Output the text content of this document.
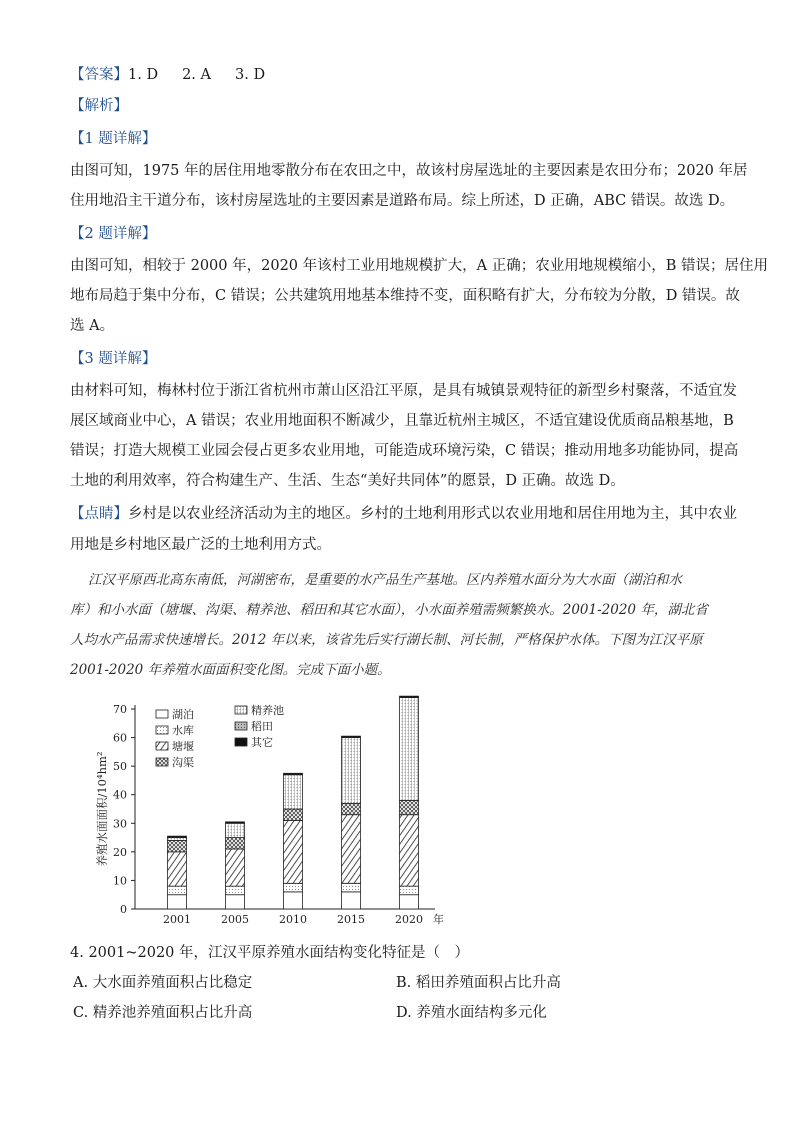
【答案】1. D 2. A 3. D
【解析】
【1 题详解】
由图可知，1975 年的居住用地零散分布在农田之中，故该村房屋选址的主要因素是农田分布；2020 年居
住用地沿主干道分布，该村房屋选址的主要因素是道路布局。综上所述，D 正确，ABC 错误。故选 D。
【2 题详解】
由图可知，相较于 2000 年，2020 年该村工业用地规模扩大，A 正确；农业用地规模缩小，B 错误；居住用
地布局趋于集中分布，C 错误；公共建筑用地基本维持不变，面积略有扩大，分布较为分散，D 错误。故
选 A。
【3 题详解】
由材料可知，梅林村位于浙江省杭州市萧山区沿江平原，是具有城镇景观特征的新型乡村聚落，不适宜发
展区域商业中心，A 错误；农业用地面积不断减少，且靠近杭州主城区，不适宜建设优质商品粮基地，B
错误；打造大规模工业园会侵占更多农业用地，可能造成环境污染，C 错误；推动用地多功能协同，提高
土地的利用效率，符合构建生产、生活、生态“美好共同体”的愿景，D 正确。故选 D。
【点睛】乡村是以农业经济活动为主的地区。乡村的土地利用形式以农业用地和居住用地为主，其中农业
用地是乡村地区最广泛的土地利用方式。
江汉平原西北高东南低，河湖密布，是重要的水产品生产基地。区内养殖水面分为大水面（湖泊和水
库）和小水面（塘堰、沟渠、精养池、稻田和其它水面），小水面养殖需频繁换水。2001-2020 年，湖北省
人均水产品需求快速增长。2012 年以来，该省先后实行湖长制、河长制，严格保护水体。下图为江汉平原
2001-2020 年养殖水面面积变化图。完成下面小题。
0
10
20
30
40
50
60
70
养殖水面面积/10⁴hm²
2001	2005	2010	2015	2020 年
湖泊
水库
塘堰
沟渠
精养池
稻田
其它
4. 2001~2020 年，江汉平原养殖水面结构变化特征是（　）
A. 大水面养殖面积占比稳定	B. 稻田养殖面积占比升高
C. 精养池养殖面积占比升高	D. 养殖水面结构多元化
